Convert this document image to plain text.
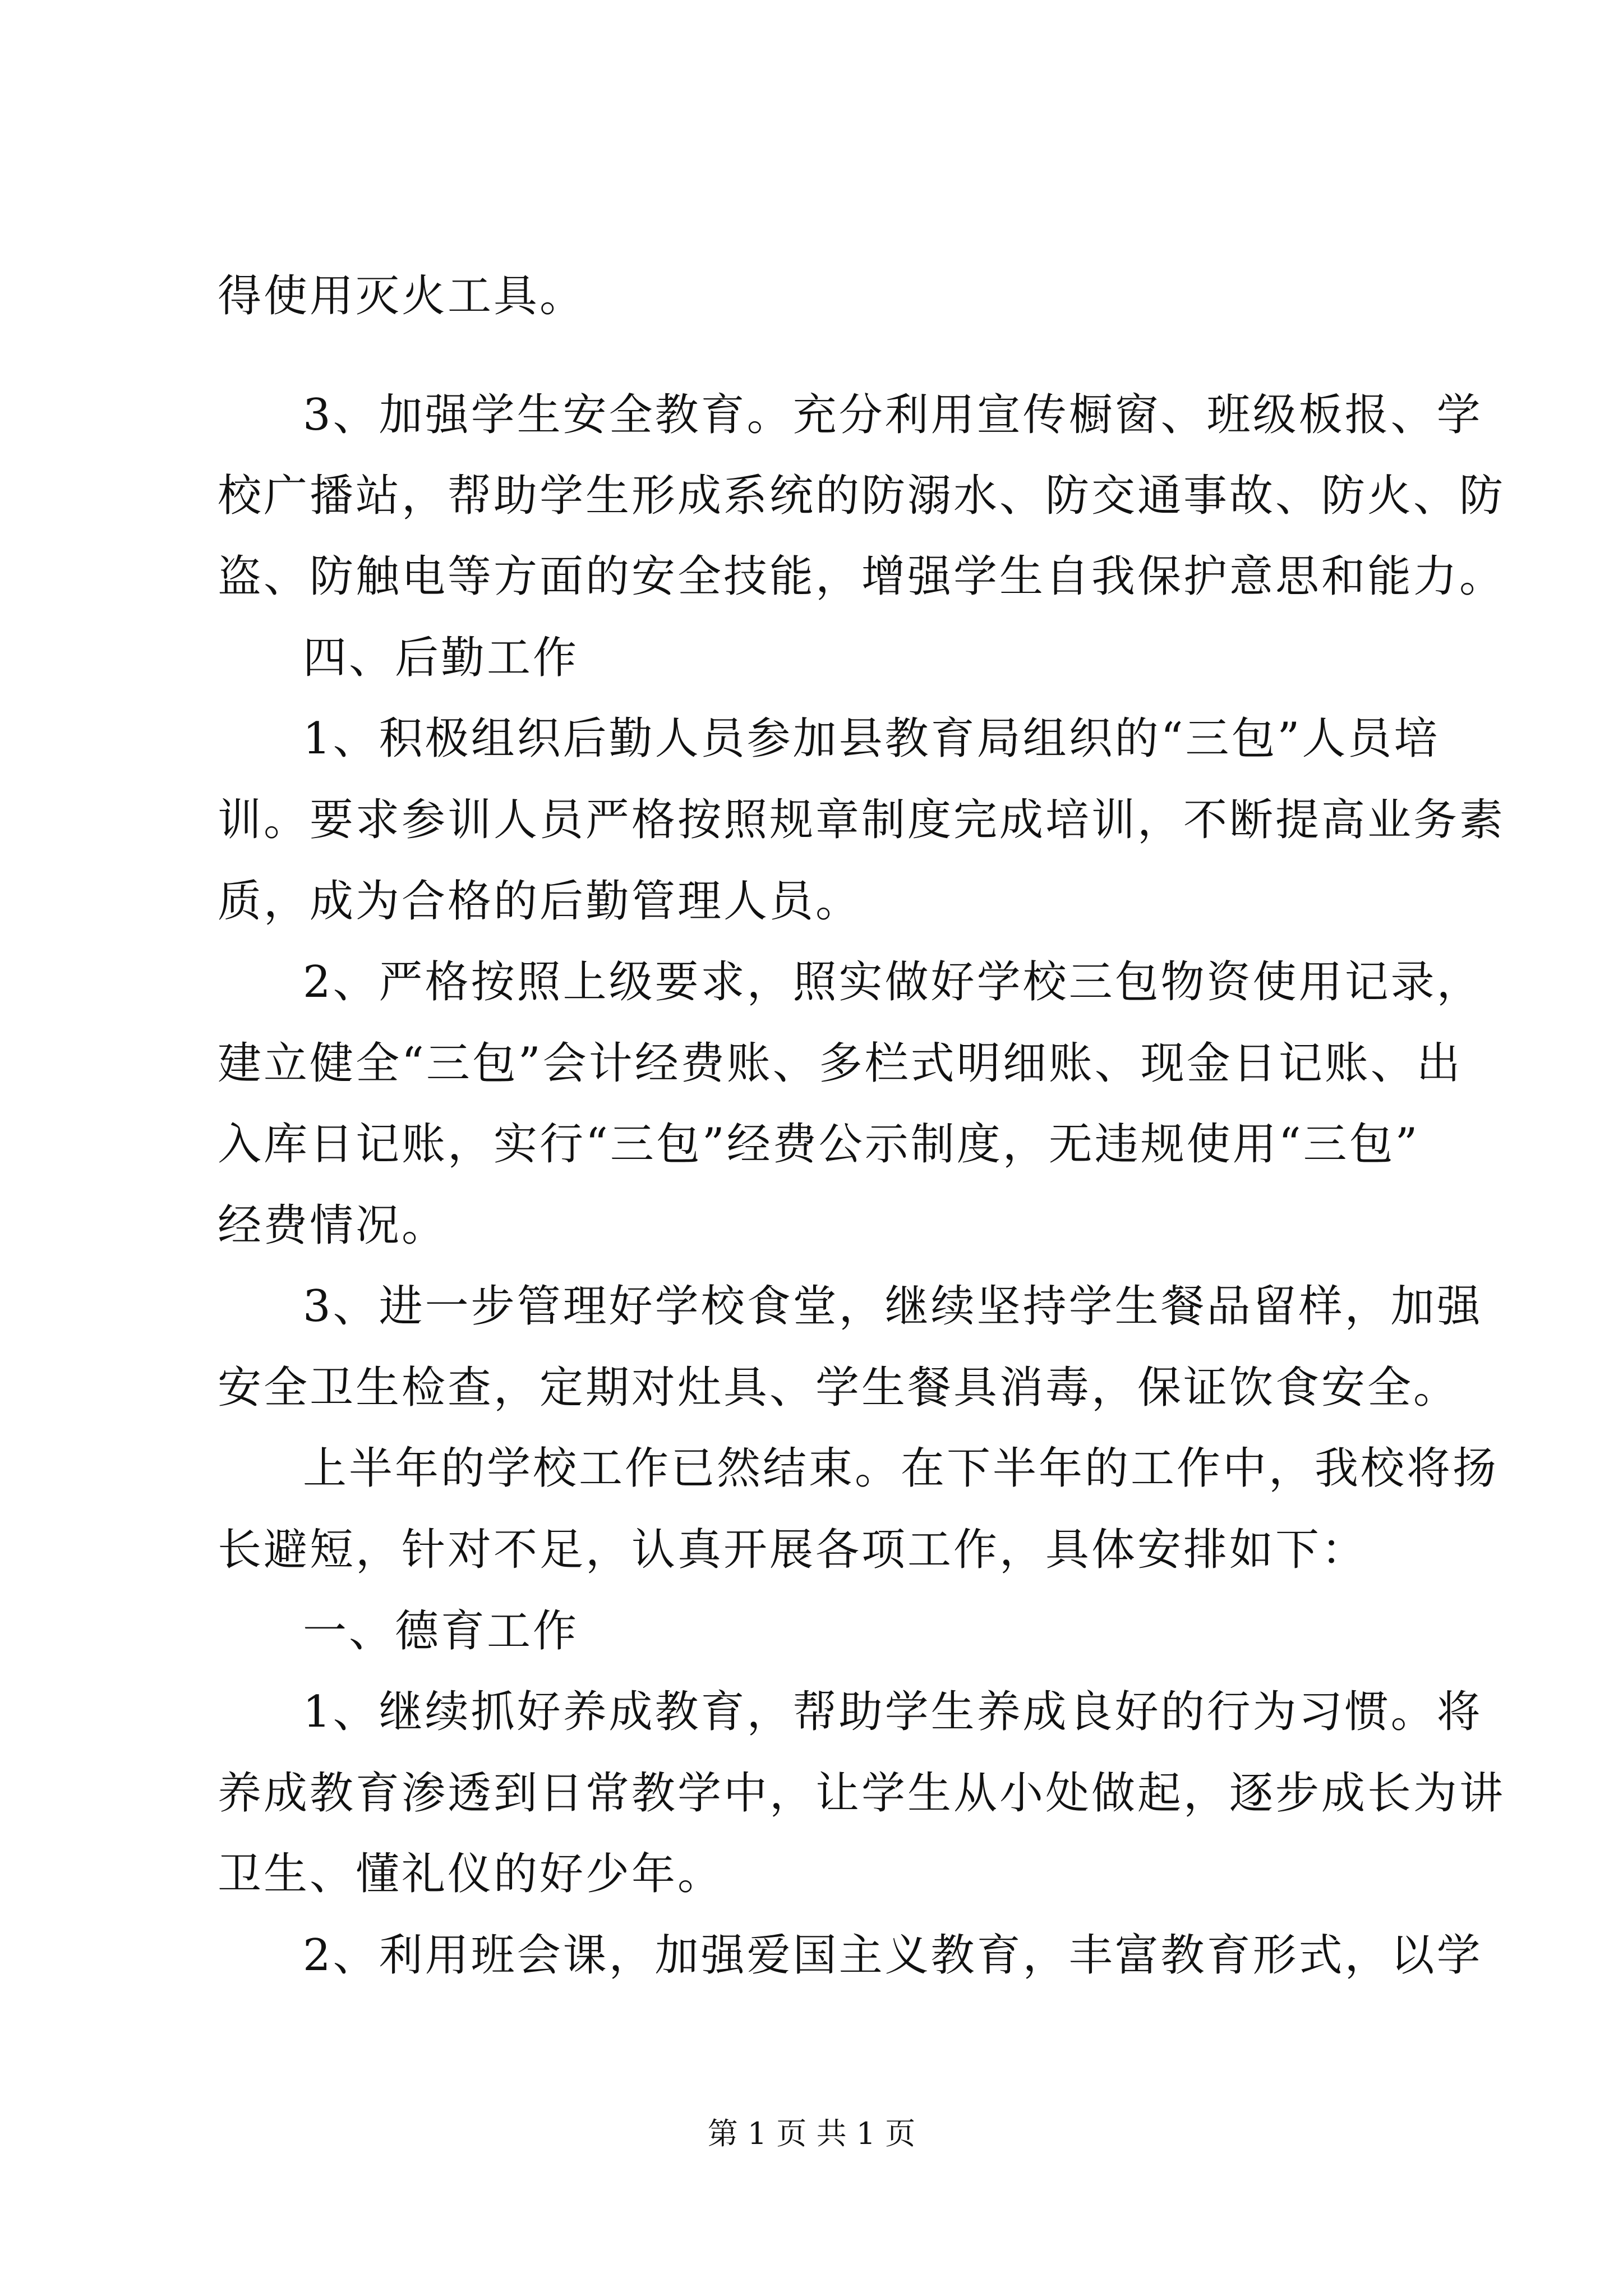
得使用灭火工具。
3、加强学生安全教育。充分利用宣传橱窗、班级板报、学
校广播站，帮助学生形成系统的防溺水、防交通事故、防火、防
盗、防触电等方面的安全技能，增强学生自我保护意思和能力。
四、后勤工作
1、积极组织后勤人员参加县教育局组织的“三包”人员培
训。要求参训人员严格按照规章制度完成培训，不断提高业务素
质，成为合格的后勤管理人员。
2、严格按照上级要求，照实做好学校三包物资使用记录，
建立健全“三包”会计经费账、多栏式明细账、现金日记账、出
入库日记账，实行“三包”经费公示制度，无违规使用“三包”
经费情况。
3、进一步管理好学校食堂，继续坚持学生餐品留样，加强
安全卫生检查，定期对灶具、学生餐具消毒，保证饮食安全。
上半年的学校工作已然结束。在下半年的工作中，我校将扬
长避短，针对不足，认真开展各项工作，具体安排如下：
一、德育工作
1、继续抓好养成教育，帮助学生养成良好的行为习惯。将
养成教育渗透到日常教学中，让学生从小处做起，逐步成长为讲
卫生、懂礼仪的好少年。
2、利用班会课，加强爱国主义教育，丰富教育形式，以学
第 1 页 共 1 页
